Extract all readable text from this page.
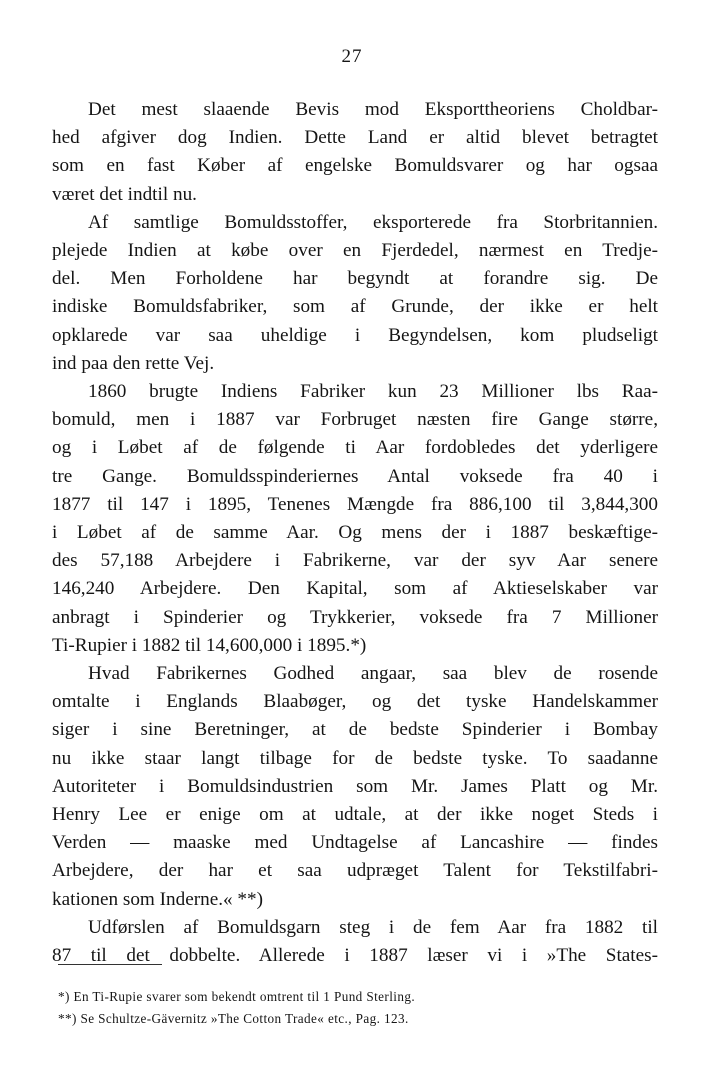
27

Det mest slaaende Bevis mod Eksporttheoriens Choldbar-
hed afgiver dog Indien. Dette Land er altid blevet betragtet
som en fast Køber af engelske Bomuldsvarer og har ogsaa
været det indtil nu.

Af samtlige Bomuldsstoffer, eksporterede fra Storbritannien.
plejede Indien at købe over en Fjerdedel, nærmest en Tredje-
del. Men Forholdene har begyndt at forandre sig. De
indiske Bomuldsfabriker, som af Grunde, der ikke er helt
opklarede var saa uheldige i Begyndelsen, kom pludseligt
ind paa den rette Vej.

1860 brugte Indiens Fabriker kun 23 Millioner lbs Raa-
bomuld, men i 1887 var Forbruget næsten fire Gange større,
og i Løbet af de følgende ti Aar fordobledes det yderligere
tre Gange. Bomuldsspinderiernes Antal voksede fra 40 i
1877 til 147 i 1895, Tenenes Mængde fra 886,100 til 3,844,300
i Løbet af de samme Aar. Og mens der i 1887 beskæftige-
des 57,188 Arbejdere i Fabrikerne, var der syv Aar senere
146,240 Arbejdere. Den Kapital, som af Aktieselskaber var
anbragt i Spinderier og Trykkerier, voksede fra 7 Millioner
Ti-Rupier i 1882 til 14,600,000 i 1895.*)

Hvad Fabrikernes Godhed angaar, saa blev de rosende
omtalte i Englands Blaabøger, og det tyske Handelskammer
siger i sine Beretninger, at de bedste Spinderier i Bombay
nu ikke staar langt tilbage for de bedste tyske. To saadanne
Autoriteter i Bomuldsindustrien som Mr. James Platt og Mr.
Henry Lee er enige om at udtale, at der ikke noget Steds i
Verden — maaske med Undtagelse af Lancashire — findes
Arbejdere, der har et saa udpræget Talent for Tekstilfabri-
kationen som Inderne.« **)

Udførslen af Bomuldsgarn steg i de fem Aar fra 1882 til
87 til det dobbelte. Allerede i 1887 læser vi i »The States-

*) En Ti-Rupie svarer som bekendt omtrent til 1 Pund Sterling.
**) Se Schultze-Gävernitz »The Cotton Trade« etc., Pag. 123.
